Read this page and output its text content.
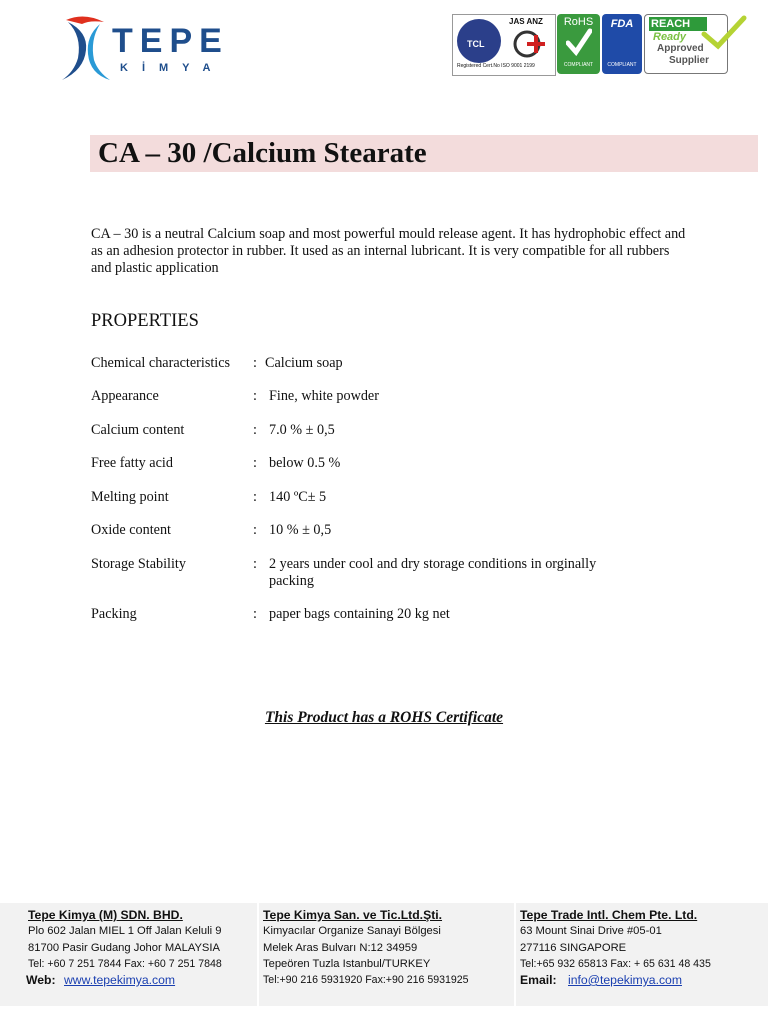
TEPE
KİMYA
TCL
JAS ANZ
Registered Cert.No ISO 9001 2199
RoHS
COMPLIANT
FDA
COMPLIANT
REACH
Ready
Approved
Supplier
CA – 30 /Calcium Stearate
CA – 30 is a neutral Calcium soap and most powerful mould release agent. It has hydrophobic effect and as an adhesion protector in rubber. It used as an internal lubricant. It is very compatible for all rubbers and plastic application
PROPERTIES
Chemical characteristics : Calcium soap
Appearance	: Fine, white powder
Calcium content	: 7.0 % ± 0,5
Free fatty acid	: below 0.5 %
Melting point	: 140 ºC± 5
Oxide content	: 10 % ± 0,5
Storage Stability	: 2 years under cool and dry storage conditions in orginally packing
Packing	: paper bags containing 20 kg net
This Product has a ROHS Certificate
Tepe Kimya (M) SDN. BHD.
Plo 602 Jalan MIEL 1 Off Jalan Keluli 9
81700 Pasir Gudang Johor MALAYSIA
Tel: +60 7 251 7844 Fax: +60 7 251 7848
Web: www.tepekimya.com
Tepe Kimya San. ve Tic.Ltd.Şti.
Kimyacılar Organize Sanayi Bölgesi
Melek Aras Bulvarı N:12 34959
Tepeören Tuzla Istanbul/TURKEY
Tel:+90 216 5931920 Fax:+90 216 5931925
Tepe Trade Intl. Chem Pte. Ltd.
63 Mount Sinai Drive #05-01
277116 SINGAPORE
Tel:+65 932 65813 Fax: + 65 631 48 435
Email: info@tepekimya.com
